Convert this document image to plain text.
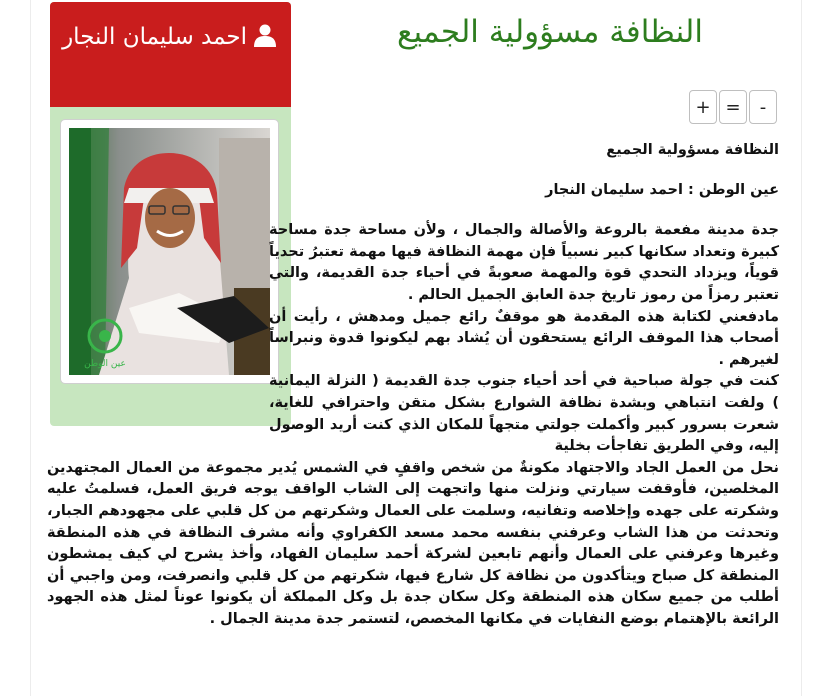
احمد سليمان النجار
عين الوطن
النظافة مسؤولية الجميع
+ =	-
النظافة مسؤولية الجميع
عين الوطن : احمد سليمان النجار

جدة مدينة مفعمة بالروعة والأصالة والجمال ، ولأن مساحة جدة مساحة كبيرة وتعداد سكانها كبير نسبياً فإن مهمة النظافة فيها مهمة تعتبرُ تحدياً قوياً، ويزداد التحدي قوة والمهمة صعوبةً في أحياء جدة القديمة، والتي تعتبر رمزاً من رموز تاريخ جدة العابق الجميل الحالم .

مادفعني لكتابة هذه المقدمة هو موقفٌ رائع جميل ومدهش ، رأيت أن أصحاب هذا الموقف الرائع يستحقون أن يُشاد بهم ليكونوا قدوة ونبراساً لغيرهم .

كنت في جولة صباحية في أحد أحياء جنوب جدة القديمة ( النزلة اليمانية ) ولفت انتباهي وبشدة نظافة الشوارع بشكل متقن واحترافي للغاية، شعرت بسرور كبير وأكملت جولتي متجهاً للمكان الذي كنت أريد الوصول إليه، وفي الطريق تفاجأت بخلية

نحل من العمل الجاد والاجتهاد مكونةٌ من شخص واقفٍ في الشمس يُدير مجموعة من العمال المجتهدين المخلصين، فأوقفت سيارتي ونزلت منها واتجهت إلى الشاب الواقف يوجه فريق العمل، فسلمتُ عليه وشكرته على جهده وإخلاصه وتفانيه، وسلمت على العمال وشكرتهم من كل قلبي على مجهودهم الجبار، وتحدثت من هذا الشاب وعرفني بنفسه محمد مسعد الكفراوي وأنه مشرف النظافة في هذه المنطقة وغيرها وعرفني على العمال وأنهم تابعين لشركة أحمد سليمان الفهاد، وأخذ يشرح لي كيف يمشطون المنطقة كل صباح ويتأكدون من نظافة كل شارع فيها، شكرتهم من كل قلبي وانصرفت، ومن واجبي أن أطلب من جميع سكان هذه المنطقة وكل سكان جدة بل وكل المملكة أن يكونوا عوناً لمثل هذه الجهود الرائعة بالإهتمام بوضع النفايات في مكانها المخصص، لتستمر جدة مدينة الجمال .
